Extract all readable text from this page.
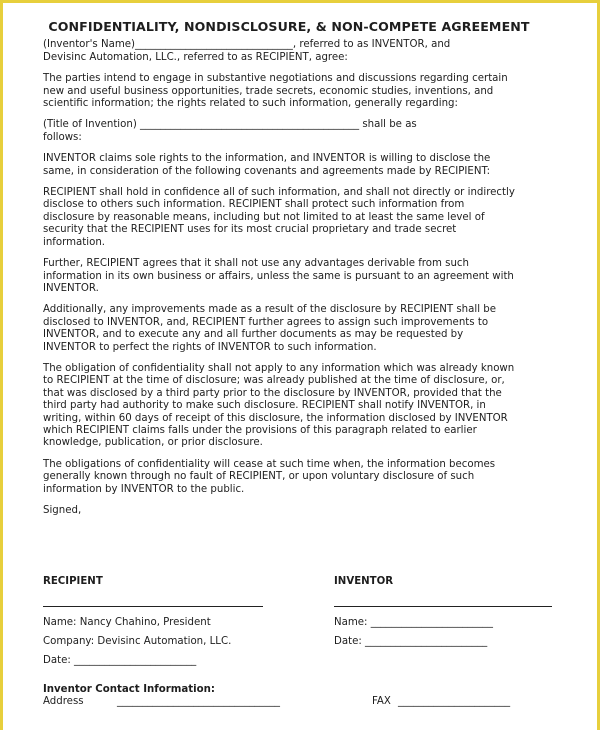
CONFIDENTIALITY, NONDISCLOSURE, & NON-COMPETE AGREEMENT

(Inventor's Name)_______________________________, referred to as INVENTOR, and
Devisinc Automation, LLC., referred to as RECIPIENT, agree:

The parties intend to engage in substantive negotiations and discussions regarding certain
new and useful business opportunities, trade secrets, economic studies, inventions, and
scientific information; the rights related to such information, generally regarding:

(Title of Invention) ___________________________________________ shall be as
follows:

INVENTOR claims sole rights to the information, and INVENTOR is willing to disclose the
same, in consideration of the following covenants and agreements made by RECIPIENT:

RECIPIENT shall hold in confidence all of such information, and shall not directly or indirectly
disclose to others such information. RECIPIENT shall protect such information from
disclosure by reasonable means, including but not limited to at least the same level of
security that the RECIPIENT uses for its most crucial proprietary and trade secret
information.

Further, RECIPIENT agrees that it shall not use any advantages derivable from such
information in its own business or affairs, unless the same is pursuant to an agreement with
INVENTOR.

Additionally, any improvements made as a result of the disclosure by RECIPIENT shall be
disclosed to INVENTOR, and, RECIPIENT further agrees to assign such improvements to
INVENTOR, and to execute any and all further documents as may be requested by
INVENTOR to perfect the rights of INVENTOR to such information.

The obligation of confidentiality shall not apply to any information which was already known
to RECIPIENT at the time of disclosure; was already published at the time of disclosure, or,
that was disclosed by a third party prior to the disclosure by INVENTOR, provided that the
third party had authority to make such disclosure. RECIPIENT shall notify INVENTOR, in
writing, within 60 days of receipt of this disclosure, the information disclosed by INVENTOR
which RECIPIENT claims falls under the provisions of this paragraph related to earlier
knowledge, publication, or prior disclosure.

The obligations of confidentiality will cease at such time when, the information becomes
generally known through no fault of RECIPIENT, or upon voluntary disclosure of such
information by INVENTOR to the public.

Signed,

RECIPIENT	INVENTOR
Name: Nancy Chahino, President	Name: ________________________
Company: Devisinc Automation, LLC.	Date: ________________________
Date: ________________________
Inventor Contact Information:
Address	________________________________	FAX ______________________
